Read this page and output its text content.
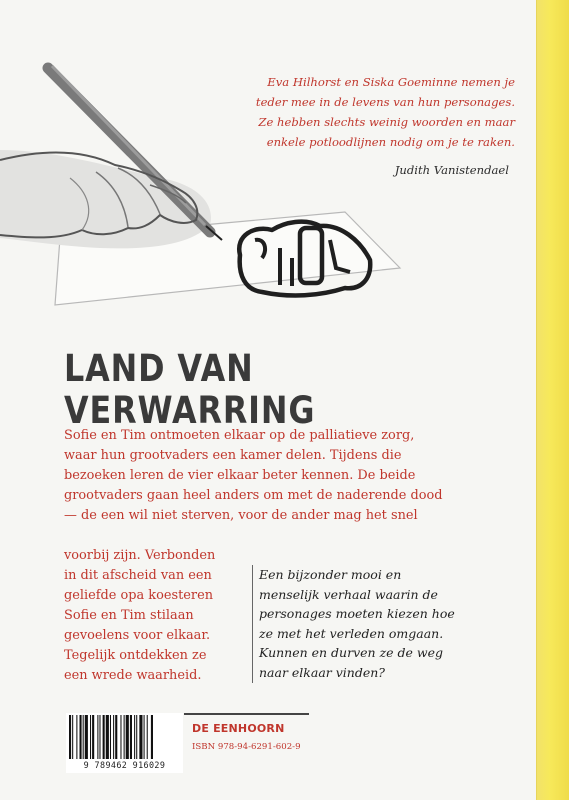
Eva Hilhorst en Siska Goeminne nemen je
teder mee in de levens van hun personages.
Ze hebben slechts weinig woorden en maar
enkele potloodlijnen nodig om je te raken.
Judith Vanistendael
LAND VAN
VERWARRING
Sofie en Tim ontmoeten elkaar op de palliatieve zorg,
waar hun grootvaders een kamer delen. Tijdens die
bezoeken leren de vier elkaar beter kennen. De beide
grootvaders gaan heel anders om met de naderende dood
— de een wil niet sterven, voor de ander mag het snel
voorbij zijn. Verbonden
in dit afscheid van een
geliefde opa koesteren
Sofie en Tim stilaan
gevoelens voor elkaar.
Tegelijk ontdekken ze
een wrede waarheid.
Een bijzonder mooi en
menselijk verhaal waarin de
personages moeten kiezen hoe
ze met het verleden omgaan.
Kunnen en durven ze de weg
naar elkaar vinden?
9 789462 916029
DE EENHOORN
ISBN 978-94-6291-602-9
